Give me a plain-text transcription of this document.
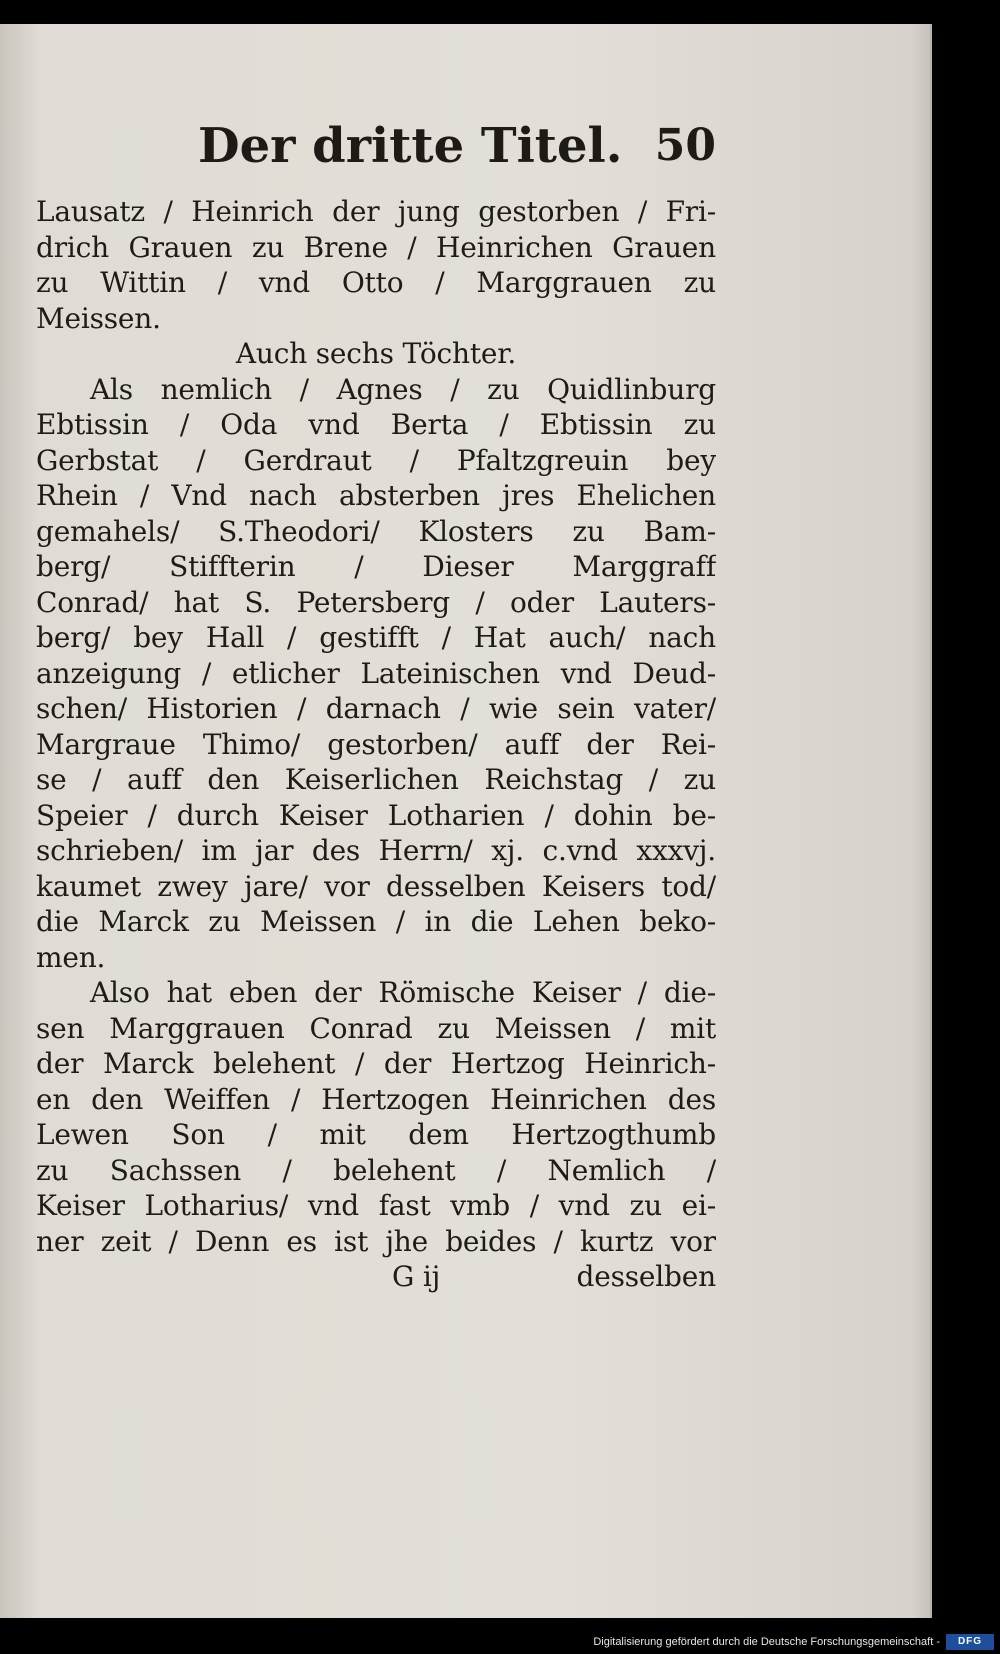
Der dritte Titel. 50
Lausatz / Heinrich der jung gestorben / Fri-
drich Grauen zu Brene / Heinrichen Grauen
zu Wittin / vnd Otto / Marggrauen zu
Meissen.
Auch sechs Töchter.
Als nemlich / Agnes / zu Quidlinburg
Ebtissin / Oda vnd Berta / Ebtissin zu
Gerbstat / Gerdraut / Pfaltzgreuin bey
Rhein / Vnd nach absterben jres Ehelichen
gemahels/ S.Theodori/ Klosters zu Bam-
berg/ Stiffterin / Dieser Marggraff
Conrad/ hat S. Petersberg / oder Lauters-
berg/ bey Hall / gestifft / Hat auch/ nach
anzeigung / etlicher Lateinischen vnd Deud-
schen/ Historien / darnach / wie sein vater/
Margraue Thimo/ gestorben/ auff der Rei-
se / auff den Keiserlichen Reichstag / zu
Speier / durch Keiser Lotharien / dohin be-
schrieben/ im jar des Herrn/ xj. c.vnd xxxvj.
kaumet zwey jare/ vor desselben Keisers tod/
die Marck zu Meissen / in die Lehen beko-
men.
Also hat eben der Römische Keiser / die-
sen Marggrauen Conrad zu Meissen / mit
der Marck belehent / der Hertzog Heinrich-
en den Weiffen / Hertzogen Heinrichen des
Lewen Son / mit dem Hertzogthumb
zu Sachssen / belehent / Nemlich /
Keiser Lotharius/ vnd fast vmb / vnd zu ei-
ner zeit / Denn es ist jhe beides / kurtz vor
G ij	desselben
Digitalisierung gefördert durch die Deutsche Forschungsgemeinschaft -	DFG
